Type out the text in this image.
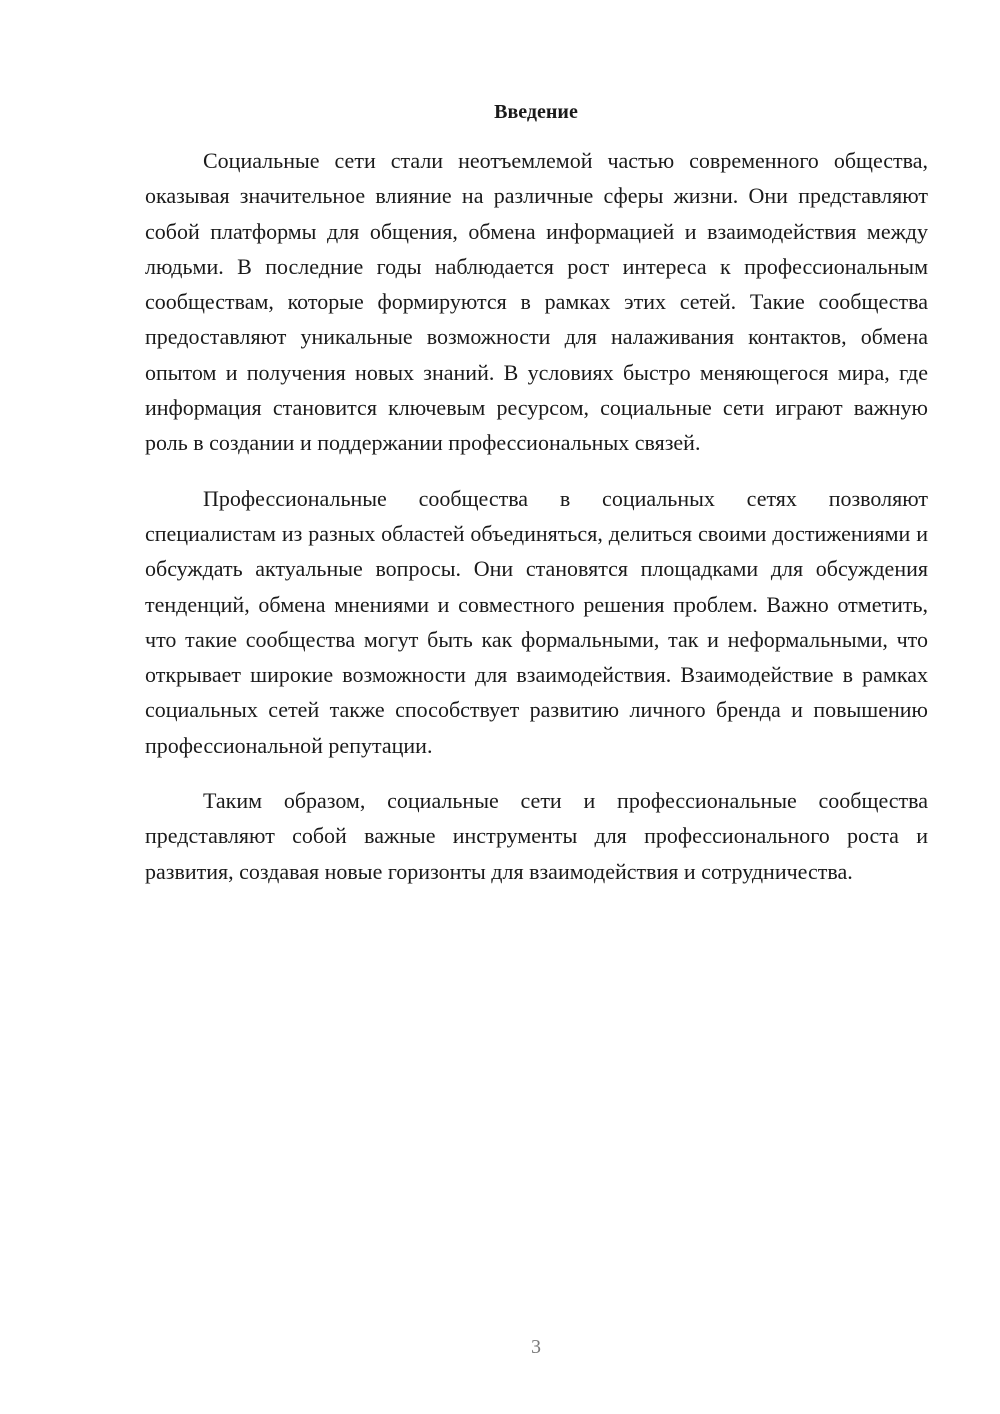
Введение

Социальные сети стали неотъемлемой частью современного общества, оказывая значительное влияние на различные сферы жизни. Они представляют собой платформы для общения, обмена информацией и взаимодействия между людьми. В последние годы наблюдается рост интереса к профессиональным сообществам, которые формируются в рамках этих сетей. Такие сообщества предоставляют уникальные возможности для налаживания контактов, обмена опытом и получения новых знаний. В условиях быстро меняющегося мира, где информация становится ключевым ресурсом, социальные сети играют важную роль в создании и поддержании профессиональных связей.

Профессиональные сообщества в социальных сетях позволяют специалистам из разных областей объединяться, делиться своими достижениями и обсуждать актуальные вопросы. Они становятся площадками для обсуждения тенденций, обмена мнениями и совместного решения проблем. Важно отметить, что такие сообщества могут быть как формальными, так и неформальными, что открывает широкие возможности для взаимодействия. Взаимодействие в рамках социальных сетей также способствует развитию личного бренда и повышению профессиональной репутации.

Таким образом, социальные сети и профессиональные сообщества представляют собой важные инструменты для профессионального роста и развития, создавая новые горизонты для взаимодействия и сотрудничества.

3
